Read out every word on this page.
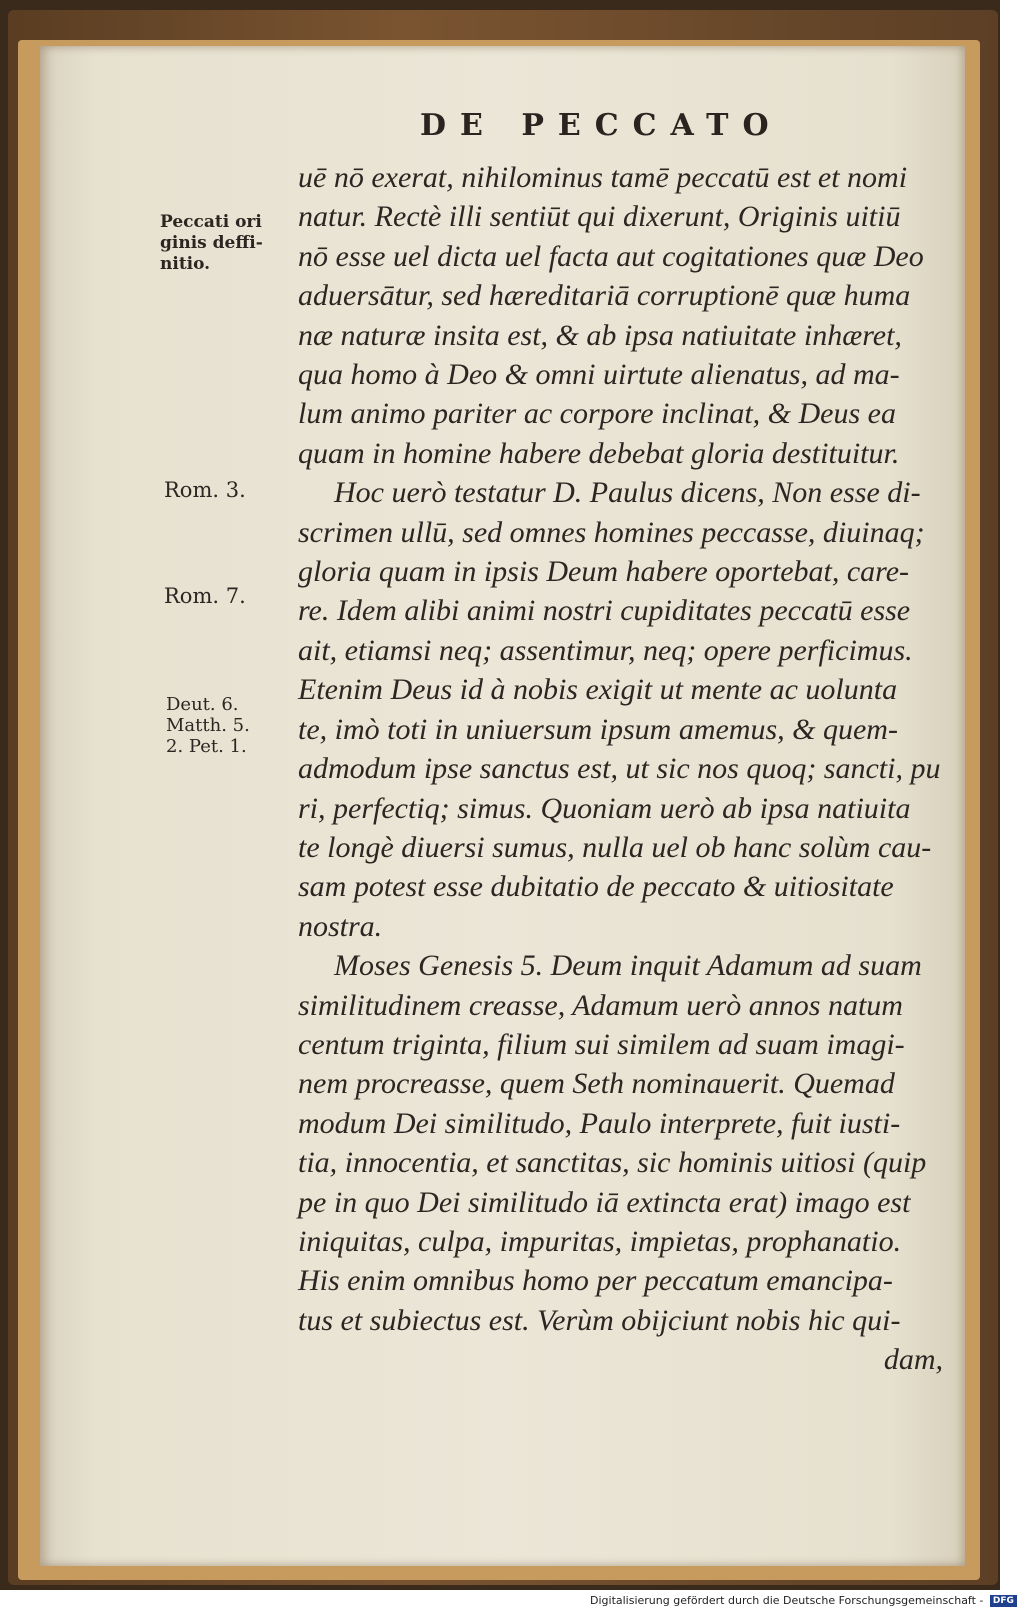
DE PECCATO
Peccati ori
ginis deffi-
nitio.
Rom. 3.
Rom. 7.
Deut. 6.
Matth. 5.
2. Pet. 1.
uē nō exerat, nihilominus tamē peccatū est et nomi
natur. Rectè illi sentiūt qui dixerunt, Originis uitiū
nō esse uel dicta uel facta aut cogitationes quæ Deo
aduersātur, sed hæreditariā corruptionē quæ huma
næ naturæ insita est, & ab ipsa natiuitate inhæret,
qua homo à Deo & omni uirtute alienatus, ad ma-
lum animo pariter ac corpore inclinat, & Deus ea
quam in homine habere debebat gloria destituitur.
Hoc uerò testatur D. Paulus dicens, Non esse di-
scrimen ullū, sed omnes homines peccasse, diuinaq;
gloria quam in ipsis Deum habere oportebat, care-
re. Idem alibi animi nostri cupiditates peccatū esse
ait, etiamsi neq; assentimur, neq; opere perficimus.
Etenim Deus id à nobis exigit ut mente ac uolunta
te, imò toti in uniuersum ipsum amemus, & quem-
admodum ipse sanctus est, ut sic nos quoq; sancti, pu
ri, perfectiq; simus. Quoniam uerò ab ipsa natiuita
te longè diuersi sumus, nulla uel ob hanc solùm cau-
sam potest esse dubitatio de peccato & uitiositate
nostra.
Moses Genesis 5. Deum inquit Adamum ad suam
similitudinem creasse, Adamum uerò annos natum
centum triginta, filium sui similem ad suam imagi-
nem procreasse, quem Seth nominauerit. Quemad
modum Dei similitudo, Paulo interprete, fuit iusti-
tia, innocentia, et sanctitas, sic hominis uitiosi (quip
pe in quo Dei similitudo iā extincta erat) imago est
iniquitas, culpa, impuritas, impietas, prophanatio.
His enim omnibus homo per peccatum emancipa-
tus et subiectus est. Verùm obijciunt nobis hic qui-
dam,
Digitalisierung gefördert durch die Deutsche Forschungsgemeinschaft - DFG
